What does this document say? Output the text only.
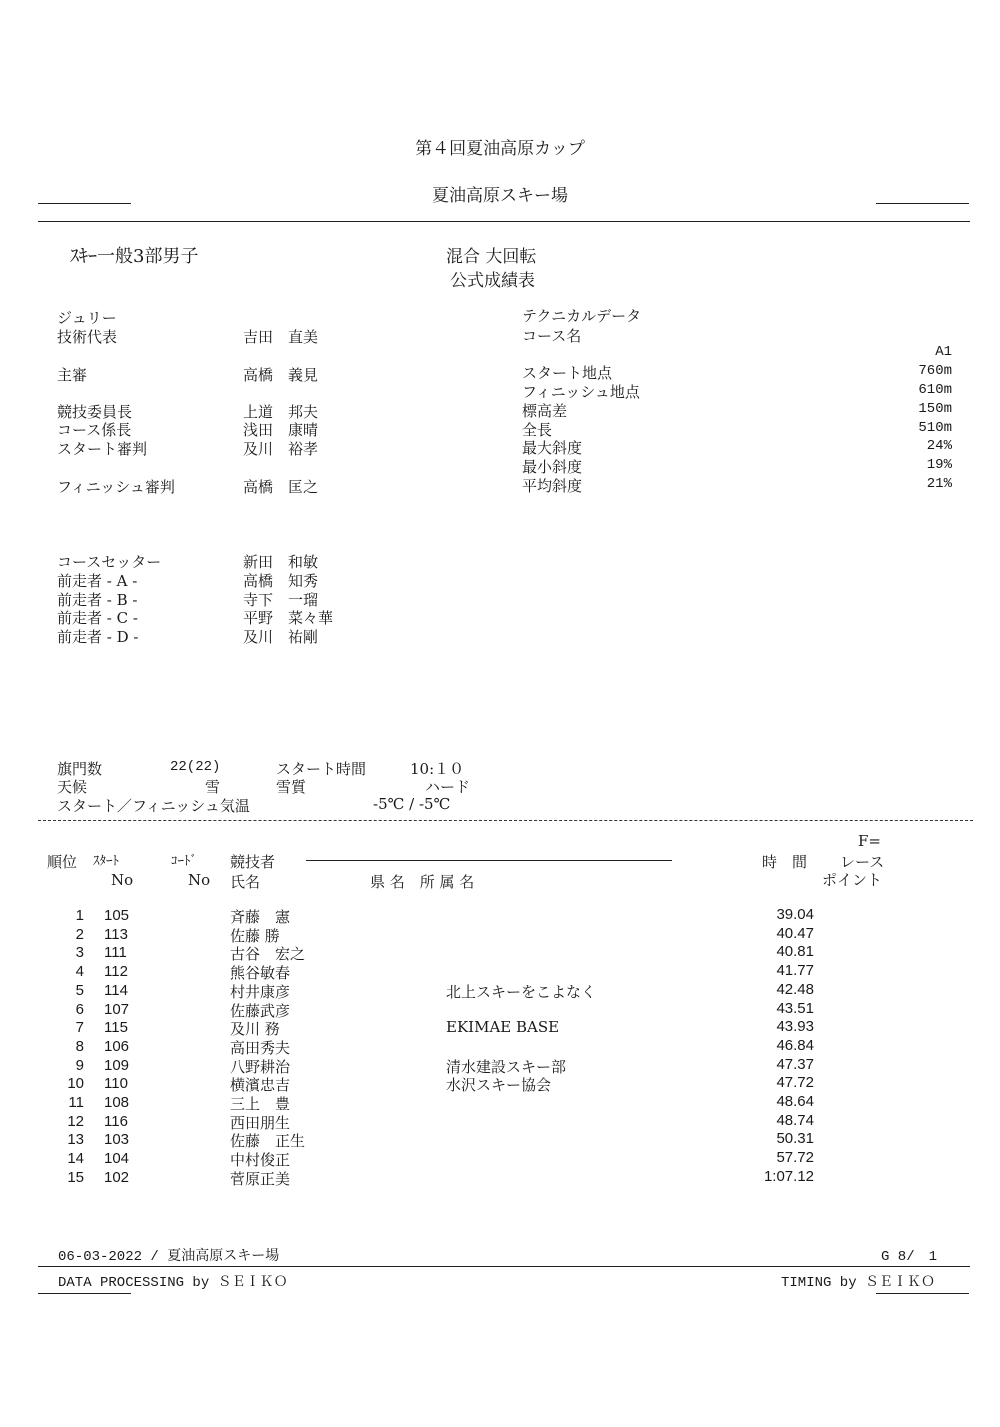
第４回夏油高原カップ
夏油高原スキー場
ｽｷｰ一般3部男子	混合 大回転
公式成績表
ジュリー
技術代表	吉田　直美
主審	高橋　義見
競技委員長	上道　邦夫
コース係長	浅田　康晴
スタート審判	及川　裕孝
フィニッシュ審判	高橋　匡之
テクニカルデータ
コース名
A1
スタート地点	760m
フィニッシュ地点	610m
標高差	150m
全長	510m
最大斜度	24%
最小斜度	19%
平均斜度	21%
コースセッター	新田　和敏
前走者 - A -	高橋　知秀
前走者 - B -	寺下　一瑠
前走者 - C -	平野　菜々華
前走者 - D -	及川　祐剛
旗門数	22(22)	スタート時間	10:１０
天候	雪	雪質	ハード
スタート／フィニッシュ気温	-5℃ / -5℃
順位 ｽﾀｰﾄ
No
ｺｰﾄﾞ
No
競技者
氏名	県 名　所 属 名
時　間
F=
レース
ポイント
1 105	斉藤　憲	39.04
2 113	佐藤 勝	40.47
3 111	古谷　宏之	40.81
4 112	熊谷敏春	41.77
5 114	村井康彦	北上スキーをこよなく	42.48
6 107	佐藤武彦	43.51
7 115	及川 務	EKIMAE BASE	43.93
8 106	高田秀夫	46.84
9 109	八野耕治	清水建設スキー部	47.37
10 110	横濱忠吉	水沢スキー協会	47.72
11 108	三上　豊	48.64
12 116	西田朋生	48.74
13 103	佐藤　正生	50.31
14 104	中村俊正	57.72
15 102	菅原正美	1:07.12
06-03-2022 / 夏油高原スキー場	G 8/　1
DATA PROCESSING by ＳＥＩＫＯ	TIMING by ＳＥＩＫＯ
